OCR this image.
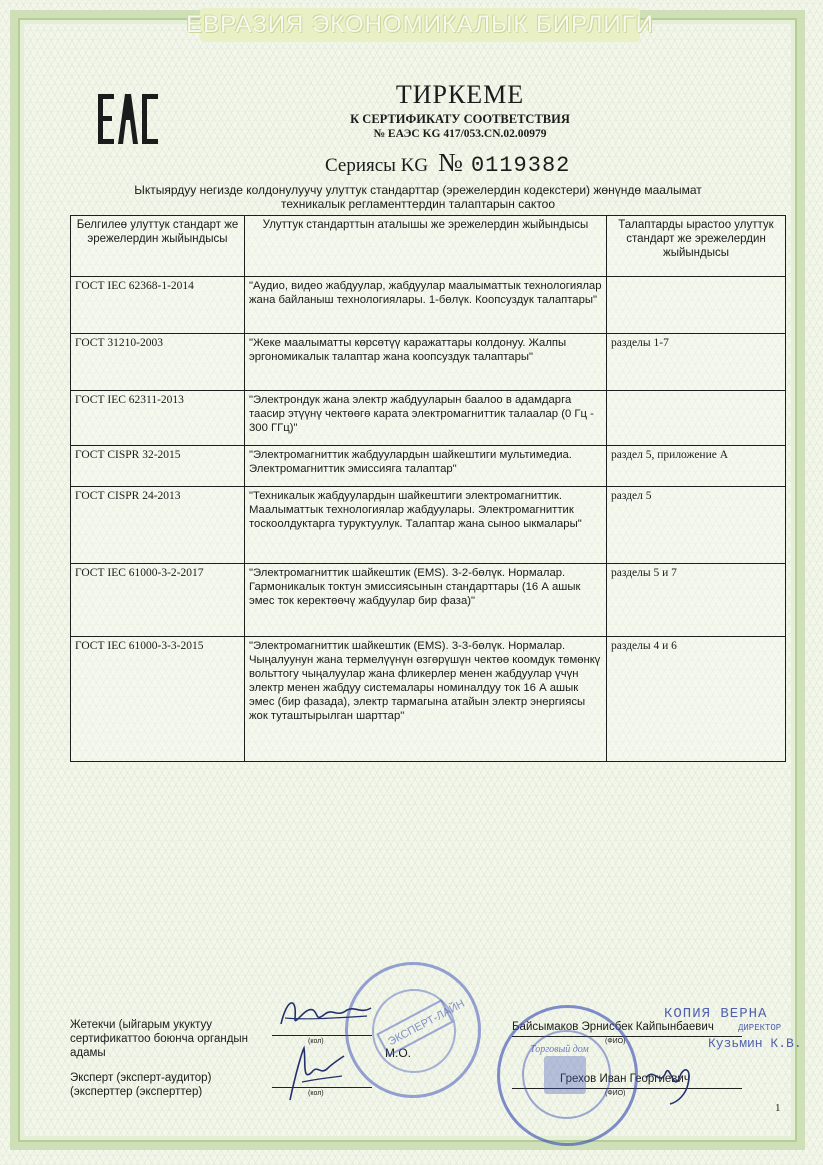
ЕВРАЗИЯ ЭКОНОМИКАЛЫК БИРЛИГИ
ТИРКЕМЕ
К СЕРТИФИКАТУ СООТВЕТСТВИЯ
№ ЕАЭС KG 417/053.CN.02.00979
Сериясы KG № 0119382
Ыктыярдуу негизде колдонулуучу улуттук стандарттар (эрежелердин кодекстери) жөнүндө маалымат
техникалык регламенттердин талаптарын сактоо
Белгилеө улуттук стандарт же эрежелердин жыйындысы	Улуттук стандарттын аталышы же эрежелердин жыйындысы	Талаптарды ырастоо улуттук стандарт же эрежелердин жыйындысы
ГОСТ IEC 62368-1-2014	"Аудио, видео жабдуулар, жабдуулар маалыматтык технологиялар жана байланыш технологиялары. 1-бөлүк. Коопсуздук талаптары"	
ГОСТ 31210-2003	"Жеке маалыматты көрсөтүү каражаттары колдонуу. Жалпы эргономикалык талаптар жана коопсуздук талаптары"	разделы 1-7
ГОСТ IEC 62311-2013	"Электрондук жана электр жабдууларын баалоо в адамдарга таасир этүүнү чектөөгө карата электромагниттик талаалар (0 Гц - 300 ГГц)"	
ГОСТ CISPR 32-2015	"Электромагниттик жабдуулардын шайкештиги мультимедиа. Электромагниттик эмиссияга талаптар"	раздел 5, приложение А
ГОСТ CISPR 24-2013	"Техникалык жабдуулардын шайкештиги электромагниттик. Маалыматтык технологиялар жабдуулары. Электромагниттик тоскоолдуктарга туруктуулук. Талаптар жана сыноо ыкмалары"	раздел 5
ГОСТ IEC 61000-3-2-2017	"Электромагниттик шайкештик (EMS). 3-2-бөлүк. Нормалар. Гармоникалык токтун эмиссиясынын стандарттары (16 А ашык эмес ток керектөөчү жабдуулар бир фаза)"	разделы 5 и 7
ГОСТ IEC 61000-3-3-2015	"Электромагниттик шайкештик (EMS). 3-3-бөлүк. Нормалар. Чыңалуунун жана термелүүнүн өзгөрүшүн чектөө коомдук төмөнкү вольттогу чыңалуулар жана фликерлер менен жабдуулар үчүн электр менен жабдуу системалары номиналдуу ток 16 А ашык эмес (бир фазада), электр тармагына атайын электр энергиясы жок туташтырылган шарттар"	разделы 4 и 6
Жетекчи (ыйгарым укуктуу сертификаттоо боюнча органдын адамы
Эксперт (эксперт-аудитор) (эксперттер (эксперттер)
(кол)
(кол)
М.О.
Байсымаков Эрнисбек Кайпынбаевич
(ФИО)
Грехов Иван Георгиевич
(ФИО)
ЭКСПЕРТ-ЛАЙН
Торговый дом
КОПИЯ ВЕРНА
ДИРЕКТОР
Кузьмин К.В.
1
